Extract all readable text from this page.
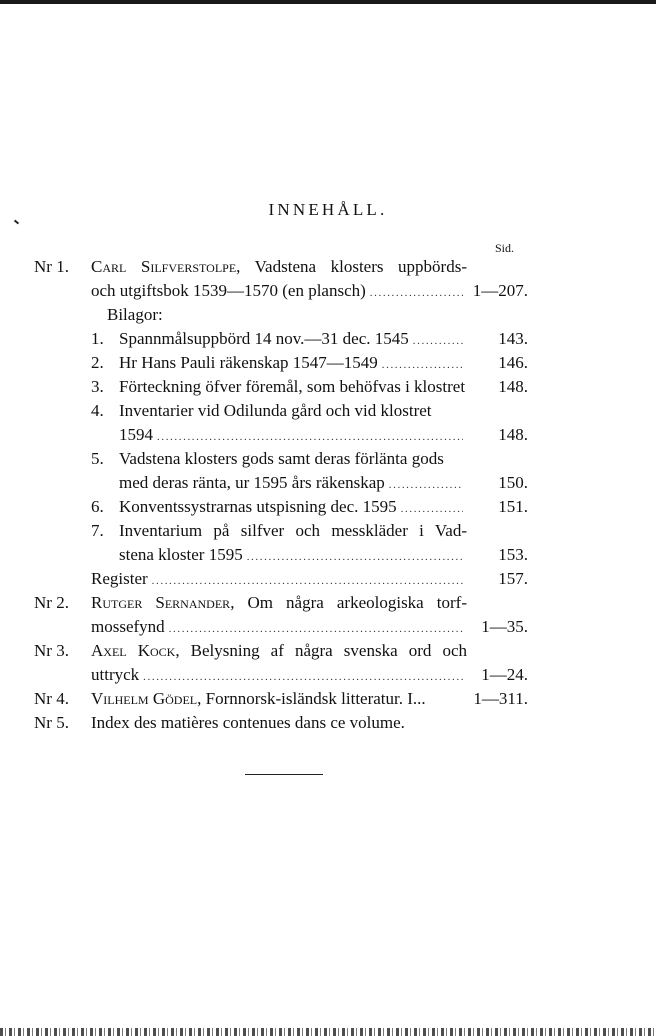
INNEHÅLL.
Sid.
Nr 1. Carl Silfverstolpe, Vadstena klosters uppbörds-
och utgiftsbok 1539—1570 (en plansch) .....	1—207.
Bilagor:
1. Spannmålsuppbörd 14 nov.—31 dec. 1545 .....	143.
2. Hr Hans Pauli räkenskap 1547—1549 .....	146.
3. Förteckning öfver föremål, som behöfvas i klostret 148.
4. Inventarier vid Odilunda gård och vid klostret
1594 .....	148.
5. Vadstena klosters gods samt deras förlänta gods
med deras ränta, ur 1595 års räkenskap .....	150.
6. Konventssystrarnas utspisning dec. 1595 .....	151.
7. Inventarium på silfver och messkläder i Vad-
stena kloster 1595 .....	153.
Register .....	157.
Nr 2. Rutger Sernander, Om några arkeologiska torf-
mossefynd .....	1—35.
Nr 3. Axel Kock, Belysning af några svenska ord och
uttryck .....	1—24.
Nr 4. Vilhelm Gödel, Fornnorsk-isländsk litteratur. I...	1—311.
Nr 5. Index des matières contenues dans ce volume.
